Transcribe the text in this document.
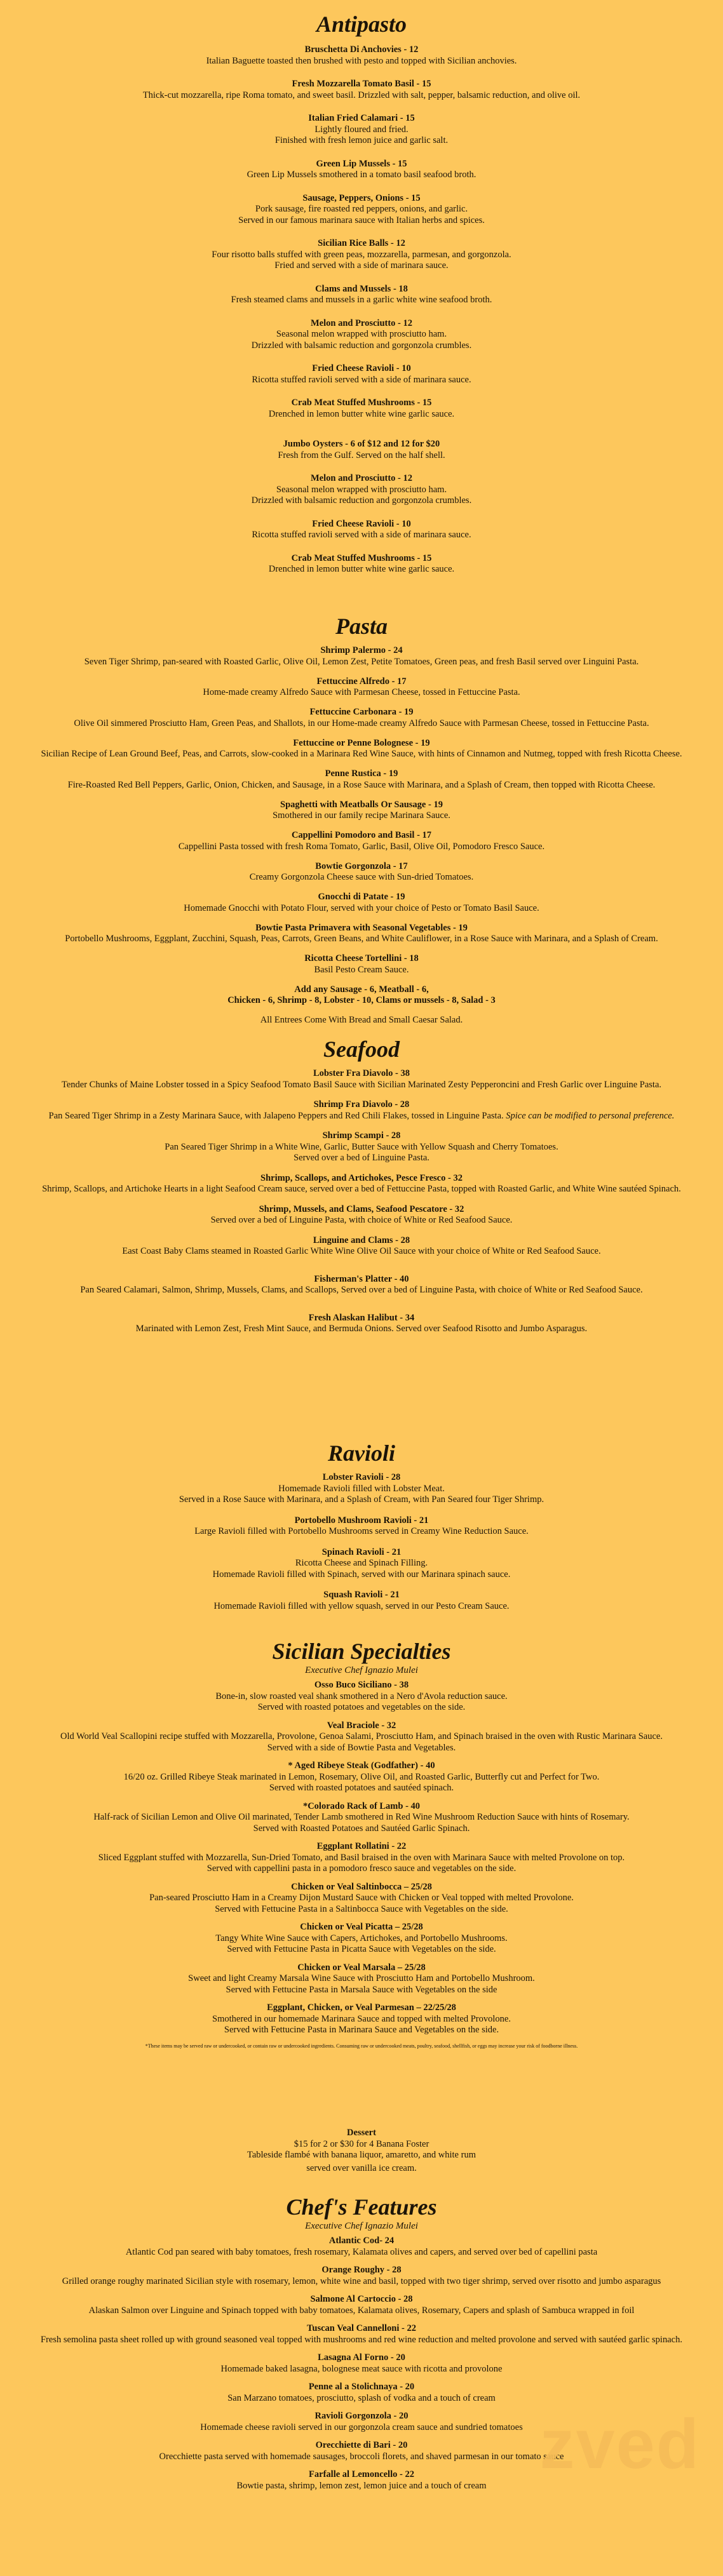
Antipasto
Bruschetta Di Anchovies - 12
Italian Baguette toasted then brushed with pesto and topped with Sicilian anchovies.
Fresh Mozzarella Tomato Basil - 15
Thick-cut mozzarella, ripe Roma tomato, and sweet basil. Drizzled with salt, pepper, balsamic reduction, and olive oil.
Italian Fried Calamari - 15
Lightly floured and fried.
Finished with fresh lemon juice and garlic salt.
Green Lip Mussels - 15
Green Lip Mussels smothered in a tomato basil seafood broth.
Sausage, Peppers, Onions - 15
Pork sausage, fire roasted red peppers, onions, and garlic.
Served in our famous marinara sauce with Italian herbs and spices.
Sicilian Rice Balls - 12
Four risotto balls stuffed with green peas, mozzarella, parmesan, and gorgonzola.
Fried and served with a side of marinara sauce.
Clams and Mussels - 18
Fresh steamed clams and mussels in a garlic white wine seafood broth.
Melon and Prosciutto - 12
Seasonal melon wrapped with prosciutto ham.
Drizzled with balsamic reduction and gorgonzola crumbles.
Fried Cheese Ravioli - 10
Ricotta stuffed ravioli served with a side of marinara sauce.
Crab Meat Stuffed Mushrooms - 15
Drenched in lemon butter white wine garlic sauce.
Jumbo Oysters - 6 of $12 and 12 for $20
Fresh from the Gulf. Served on the half shell.
Melon and Prosciutto - 12
Seasonal melon wrapped with prosciutto ham.
Drizzled with balsamic reduction and gorgonzola crumbles.
Fried Cheese Ravioli - 10
Ricotta stuffed ravioli served with a side of marinara sauce.
Crab Meat Stuffed Mushrooms - 15
Drenched in lemon butter white wine garlic sauce.
Pasta
Shrimp Palermo - 24
Seven Tiger Shrimp, pan-seared with Roasted Garlic, Olive Oil, Lemon Zest, Petite Tomatoes, Green peas, and fresh Basil served over Linguini Pasta.
Fettuccine Alfredo - 17
Home-made creamy Alfredo Sauce with Parmesan Cheese, tossed in Fettuccine Pasta.
Fettuccine Carbonara - 19
Olive Oil simmered Prosciutto Ham, Green Peas, and Shallots, in our Home-made creamy Alfredo Sauce with Parmesan Cheese, tossed in Fettuccine Pasta.
Fettuccine or Penne Bolognese - 19
Sicilian Recipe of Lean Ground Beef, Peas, and Carrots, slow-cooked in a Marinara Red Wine Sauce, with hints of Cinnamon and Nutmeg, topped with fresh Ricotta Cheese.
Penne Rustica - 19
Fire-Roasted Red Bell Peppers, Garlic, Onion, Chicken, and Sausage, in a Rose Sauce with Marinara, and a Splash of Cream, then topped with Ricotta Cheese.
Spaghetti with Meatballs Or Sausage - 19
Smothered in our family recipe Marinara Sauce.
Cappellini Pomodoro and Basil - 17
Cappellini Pasta tossed with fresh Roma Tomato, Garlic, Basil, Olive Oil, Pomodoro Fresco Sauce.
Bowtie Gorgonzola - 17
Creamy Gorgonzola Cheese sauce with Sun-dried Tomatoes.
Gnocchi di Patate - 19
Homemade Gnocchi with Potato Flour, served with your choice of Pesto or Tomato Basil Sauce.
Bowtie Pasta Primavera with Seasonal Vegetables - 19
Portobello Mushrooms, Eggplant, Zucchini, Squash, Peas, Carrots, Green Beans, and White Cauliflower, in a Rose Sauce with Marinara, and a Splash of Cream.
Ricotta Cheese Tortellini - 18
Basil Pesto Cream Sauce.
Add any Sausage - 6, Meatball - 6,
Chicken - 6, Shrimp - 8, Lobster - 10, Clams or mussels - 8, Salad - 3
All Entrees Come With Bread and Small Caesar Salad.
Seafood
Lobster Fra Diavolo - 38
Tender Chunks of Maine Lobster tossed in a Spicy Seafood Tomato Basil Sauce with Sicilian Marinated Zesty Pepperoncini and Fresh Garlic over Linguine Pasta.
Shrimp Fra Diavolo - 28
Pan Seared Tiger Shrimp in a Zesty Marinara Sauce, with Jalapeno Peppers and Red Chili Flakes, tossed in Linguine Pasta. Spice can be modified to personal preference.
Shrimp Scampi - 28
Pan Seared Tiger Shrimp in a White Wine, Garlic, Butter Sauce with Yellow Squash and Cherry Tomatoes.
Served over a bed of Linguine Pasta.
Shrimp, Scallops, and Artichokes, Pesce Fresco - 32
Shrimp, Scallops, and Artichoke Hearts in a light Seafood Cream sauce, served over a bed of Fettuccine Pasta, topped with Roasted Garlic, and White Wine sautéed Spinach.
Shrimp, Mussels, and Clams, Seafood Pescatore - 32
Served over a bed of Linguine Pasta, with choice of White or Red Seafood Sauce.
Linguine and Clams - 28
East Coast Baby Clams steamed in Roasted Garlic White Wine Olive Oil Sauce with your choice of White or Red Seafood Sauce.
Fisherman's Platter - 40
Pan Seared Calamari, Salmon, Shrimp, Mussels, Clams, and Scallops, Served over a bed of Linguine Pasta, with choice of White or Red Seafood Sauce.
Fresh Alaskan Halibut - 34
Marinated with Lemon Zest, Fresh Mint Sauce, and Bermuda Onions. Served over Seafood Risotto and Jumbo Asparagus.
Ravioli
Lobster Ravioli - 28
Homemade Ravioli filled with Lobster Meat.
Served in a Rose Sauce with Marinara, and a Splash of Cream, with Pan Seared four Tiger Shrimp.
Portobello Mushroom Ravioli - 21
Large Ravioli filled with Portobello Mushrooms served in Creamy Wine Reduction Sauce.
Spinach Ravioli - 21
Ricotta Cheese and Spinach Filling.
Homemade Ravioli filled with Spinach, served with our Marinara spinach sauce.
Squash Ravioli - 21
Homemade Ravioli filled with yellow squash, served in our Pesto Cream Sauce.
Sicilian Specialties
Executive Chef Ignazio Mulei
Osso Buco Siciliano - 38
Bone-in, slow roasted veal shank smothered in a Nero d'Avola reduction sauce.
Served with roasted potatoes and vegetables on the side.
Veal Braciole - 32
Old World Veal Scallopini recipe stuffed with Mozzarella, Provolone, Genoa Salami, Prosciutto Ham, and Spinach braised in the oven with Rustic Marinara Sauce.
Served with a side of Bowtie Pasta and Vegetables.
* Aged Ribeye Steak (Godfather) - 40
16/20 oz. Grilled Ribeye Steak marinated in Lemon, Rosemary, Olive Oil, and Roasted Garlic, Butterfly cut and Perfect for Two.
Served with roasted potatoes and sautéed spinach.
*Colorado Rack of Lamb - 40
Half-rack of Sicilian Lemon and Olive Oil marinated, Tender Lamb smothered in Red Wine Mushroom Reduction Sauce with hints of Rosemary.
Served with Roasted Potatoes and Sautéed Garlic Spinach.
Eggplant Rollatini - 22
Sliced Eggplant stuffed with Mozzarella, Sun-Dried Tomato, and Basil braised in the oven with Marinara Sauce with melted Provolone on top.
Served with cappellini pasta in a pomodoro fresco sauce and vegetables on the side.
Chicken or Veal Saltinbocca – 25/28
Pan-seared Prosciutto Ham in a Creamy Dijon Mustard Sauce with Chicken or Veal topped with melted Provolone.
Served with Fettucine Pasta in a Saltinbocca Sauce with Vegetables on the side.
Chicken or Veal Picatta – 25/28
Tangy White Wine Sauce with Capers, Artichokes, and Portobello Mushrooms.
Served with Fettucine Pasta in Picatta Sauce with Vegetables on the side.
Chicken or Veal Marsala – 25/28
Sweet and light Creamy Marsala Wine Sauce with Prosciutto Ham and Portobello Mushroom.
Served with Fettucine Pasta in Marsala Sauce with Vegetables on the side
Eggplant, Chicken, or Veal Parmesan – 22/25/28
Smothered in our homemade Marinara Sauce and topped with melted Provolone.
Served with Fettucine Pasta in Marinara Sauce and Vegetables on the side.
*These items may be served raw or undercooked, or contain raw or undercooked ingredients. Consuming raw or undercooked meats, poultry, seafood, shellfish, or eggs may increase your risk of foodborne illness.
Dessert
$15 for 2 or $30 for 4 Banana Foster
Tableside flambé with banana liquor, amaretto, and white rum
served over vanilla ice cream.
Chef's Features
Executive Chef Ignazio Mulei
Atlantic Cod- 24
Atlantic Cod pan seared with baby tomatoes, fresh rosemary, Kalamata olives and capers, and served over bed of capellini pasta
Orange Roughy - 28
Grilled orange roughy marinated Sicilian style with rosemary, lemon, white wine and basil, topped with two tiger shrimp, served over risotto and jumbo asparagus
Salmone Al Cartoccio - 28
Alaskan Salmon over Linguine and Spinach topped with baby tomatoes, Kalamata olives, Rosemary, Capers and splash of Sambuca wrapped in foil
Tuscan Veal Cannelloni - 22
Fresh semolina pasta sheet rolled up with ground seasoned veal topped with mushrooms and red wine reduction and melted provolone and served with sautéed garlic spinach.
Lasagna Al Forno - 20
Homemade baked lasagna, bolognese meat sauce with ricotta and provolone
Penne al a Stolichnaya - 20
San Marzano tomatoes, prosciutto, splash of vodka and a touch of cream
Ravioli Gorgonzola - 20
Homemade cheese ravioli served in our gorgonzola cream sauce and sundried tomatoes
Orecchiette di Bari - 20
Orecchiette pasta served with homemade sausages, broccoli florets, and shaved parmesan in our tomato sauce
Farfalle al Lemoncello - 22
Bowtie pasta, shrimp, lemon zest, lemon juice and a touch of cream
zved
